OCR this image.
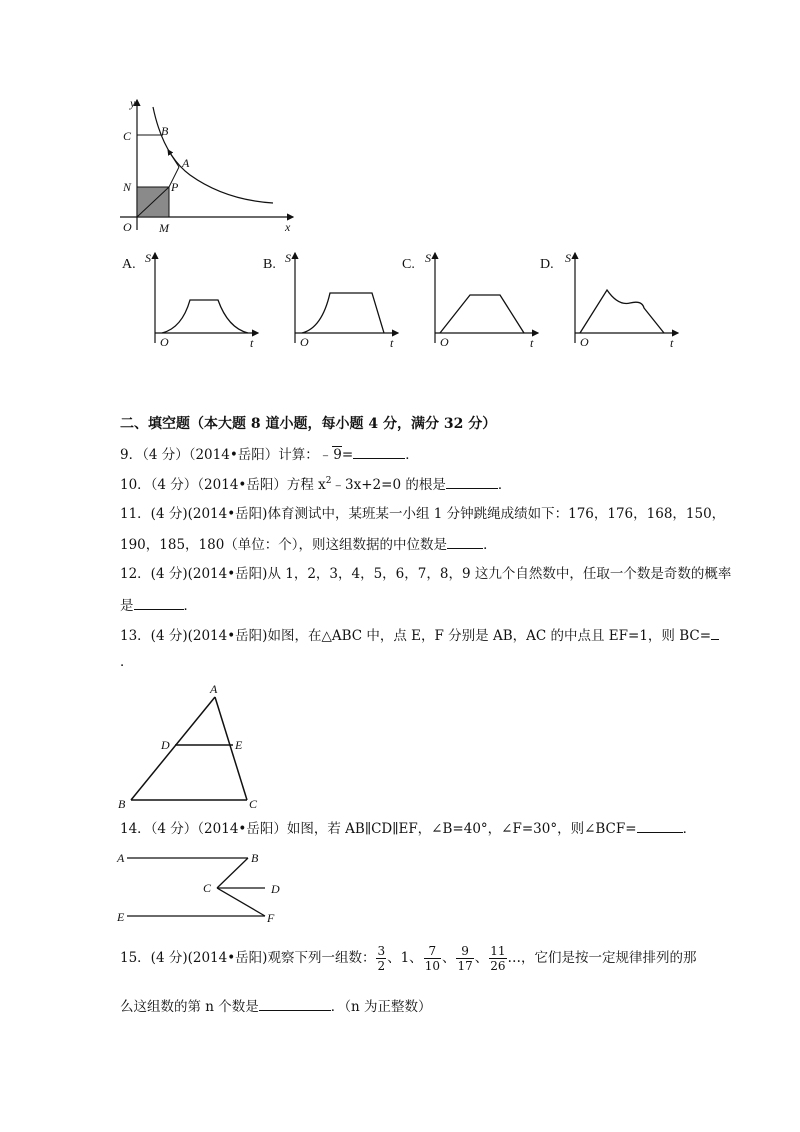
y
x
O
C B
A
N	P
M
A. S
O	t
B. S
O	t
C. S
O	t
D. S
O	t
二、填空题（本大题 8 道小题，每小题 4 分，满分 32 分）
9．（4 分）（2014•岳阳）计算：﹣9=	．
10．（4 分）（2014•岳阳）方程 $x^2﹣3x+2=0$ 的根是	．
11．(4 分)(2014•岳阳)体育测试中，某班某一小组 1 分钟跳绳成绩如下：176，176，168，150，
190，185，180（单位：个），则这组数据的中位数是	．
12．(4 分)(2014•岳阳)从 1，2，3，4，5，6，7，8，9 这九个自然数中，任取一个数是奇数的概率
是	．
13．(4 分)(2014•岳阳)如图，在△ABC 中，点 E，F 分别是 AB，AC 的中点且 EF=1，则 BC=
．
A
D	E
B	C
14．（4 分）（2014•岳阳）如图，若 AB∥CD∥EF，∠B=40°，∠F=30°，则∠BCF=	．
A	B
C	D
E	F
15．(4 分)(2014•岳阳)观察下列一组数： $\frac{3}{2}$ 、1、 $\frac{7}{10}$ 、 $\frac{9}{17}$ 、 $\frac{11}{26}$ …，它们是按一定规律排列的那
么这组数的第 n 个数是	．（n 为正整数）
